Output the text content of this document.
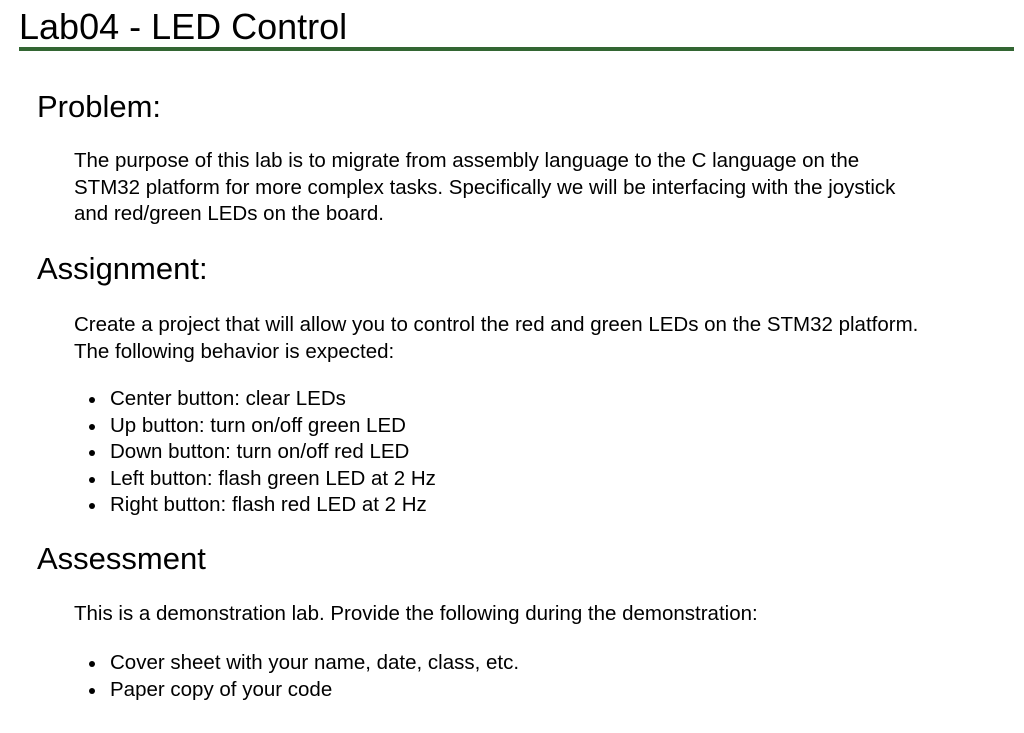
Lab04 - LED Control
Problem:
The purpose of this lab is to migrate from assembly language to the C language on the
STM32 platform for more complex tasks. Specifically we will be interfacing with the joystick
and red/green LEDs on the board.
Assignment:
Create a project that will allow you to control the red and green LEDs on the STM32 platform.
The following behavior is expected:
Center button: clear LEDs
Up button: turn on/off green LED
Down button: turn on/off red LED
Left button: flash green LED at 2 Hz
Right button: flash red LED at 2 Hz
Assessment
This is a demonstration lab. Provide the following during the demonstration:
Cover sheet with your name, date, class, etc.
Paper copy of your code
